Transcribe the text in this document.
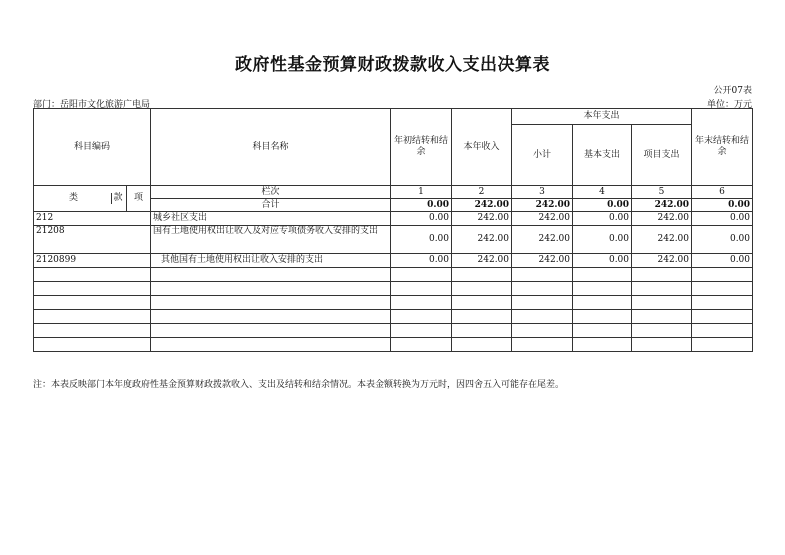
政府性基金预算财政拨款收入支出决算表
公开07表
部门：岳阳市文化旅游广电局	单位：万元
科目编码		科目名称	年初结转和结余	本年收入	本年支出			年末结转和结余
					小计	基本支出	项目支出	

类 款	项	栏次	1	2	3	4	5	6
		合计	0.00	242.00	242.00	0.00	242.00	0.00
212		城乡社区支出	0.00	242.00	242.00	0.00	242.00	0.00
21208		国有土地使用权出让收入及对应专项债务收入安排的支出	0.00	242.00	242.00	0.00	242.00	0.00
2120899		其他国有土地使用权出让收入安排的支出	0.00	242.00	242.00	0.00	242.00	0.00

注：本表反映部门本年度政府性基金预算财政拨款收入、支出及结转和结余情况。本表金额转换为万元时，因四舍五入可能存在尾差。
